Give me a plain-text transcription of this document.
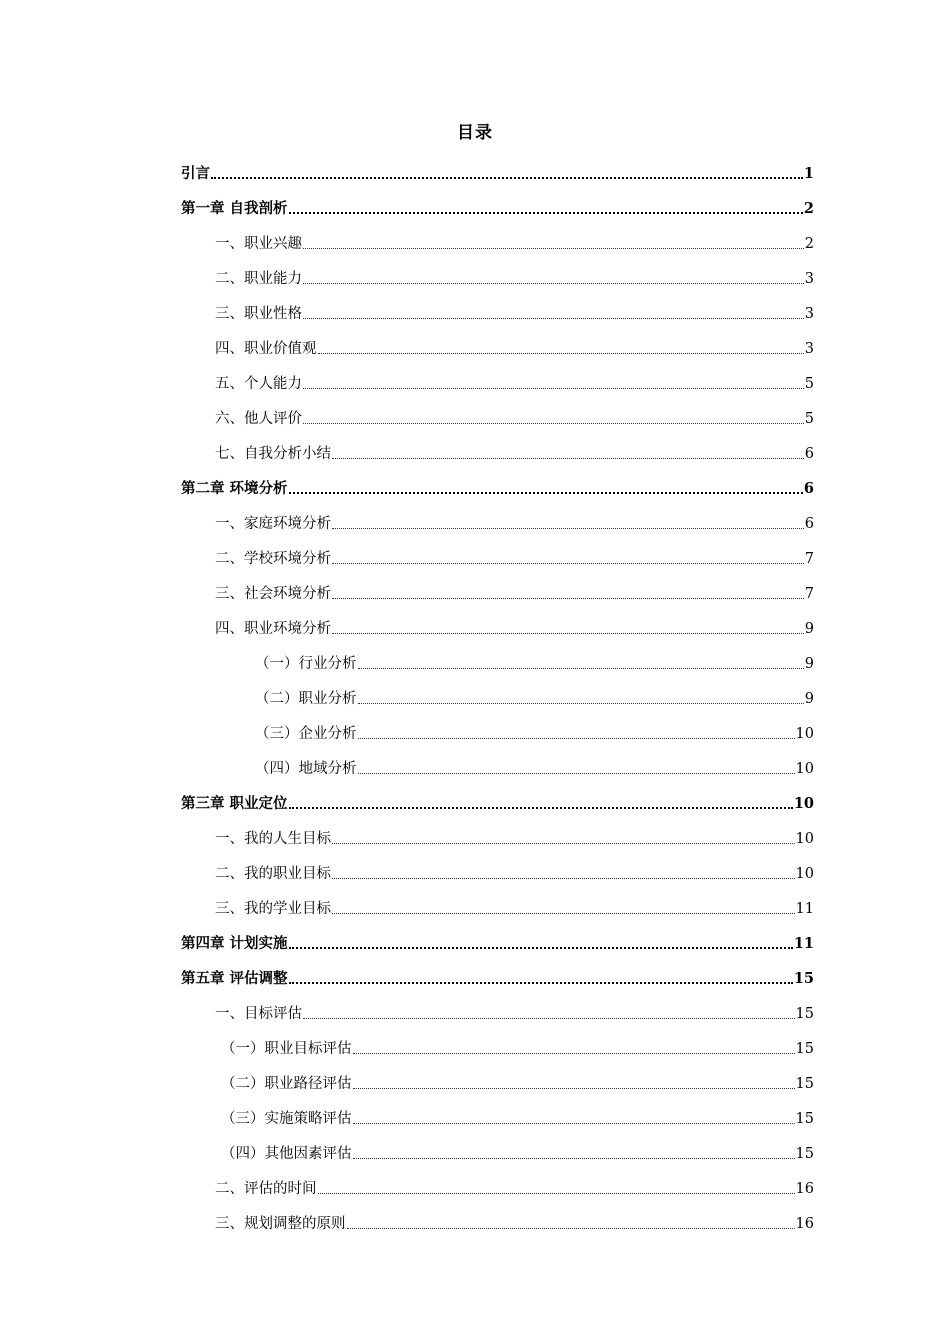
目录
引言	1
第一章 自我剖析	2
一、职业兴趣	2
二、职业能力	3
三、职业性格	3
四、职业价值观	3
五、个人能力	5
六、他人评价	5
七、自我分析小结	6
第二章 环境分析	6
一、家庭环境分析	6
二、学校环境分析	7
三、社会环境分析	7
四、职业环境分析	9
（一）行业分析	9
（二）职业分析	9
（三）企业分析	10
（四）地域分析	10
第三章 职业定位	10
一、我的人生目标	10
二、我的职业目标	10
三、我的学业目标	11
第四章 计划实施	11
第五章 评估调整	15
一、目标评估	15
（一）职业目标评估	15
（二）职业路径评估	15
（三）实施策略评估	15
（四）其他因素评估	15
二、评估的时间	16
三、规划调整的原则	16
